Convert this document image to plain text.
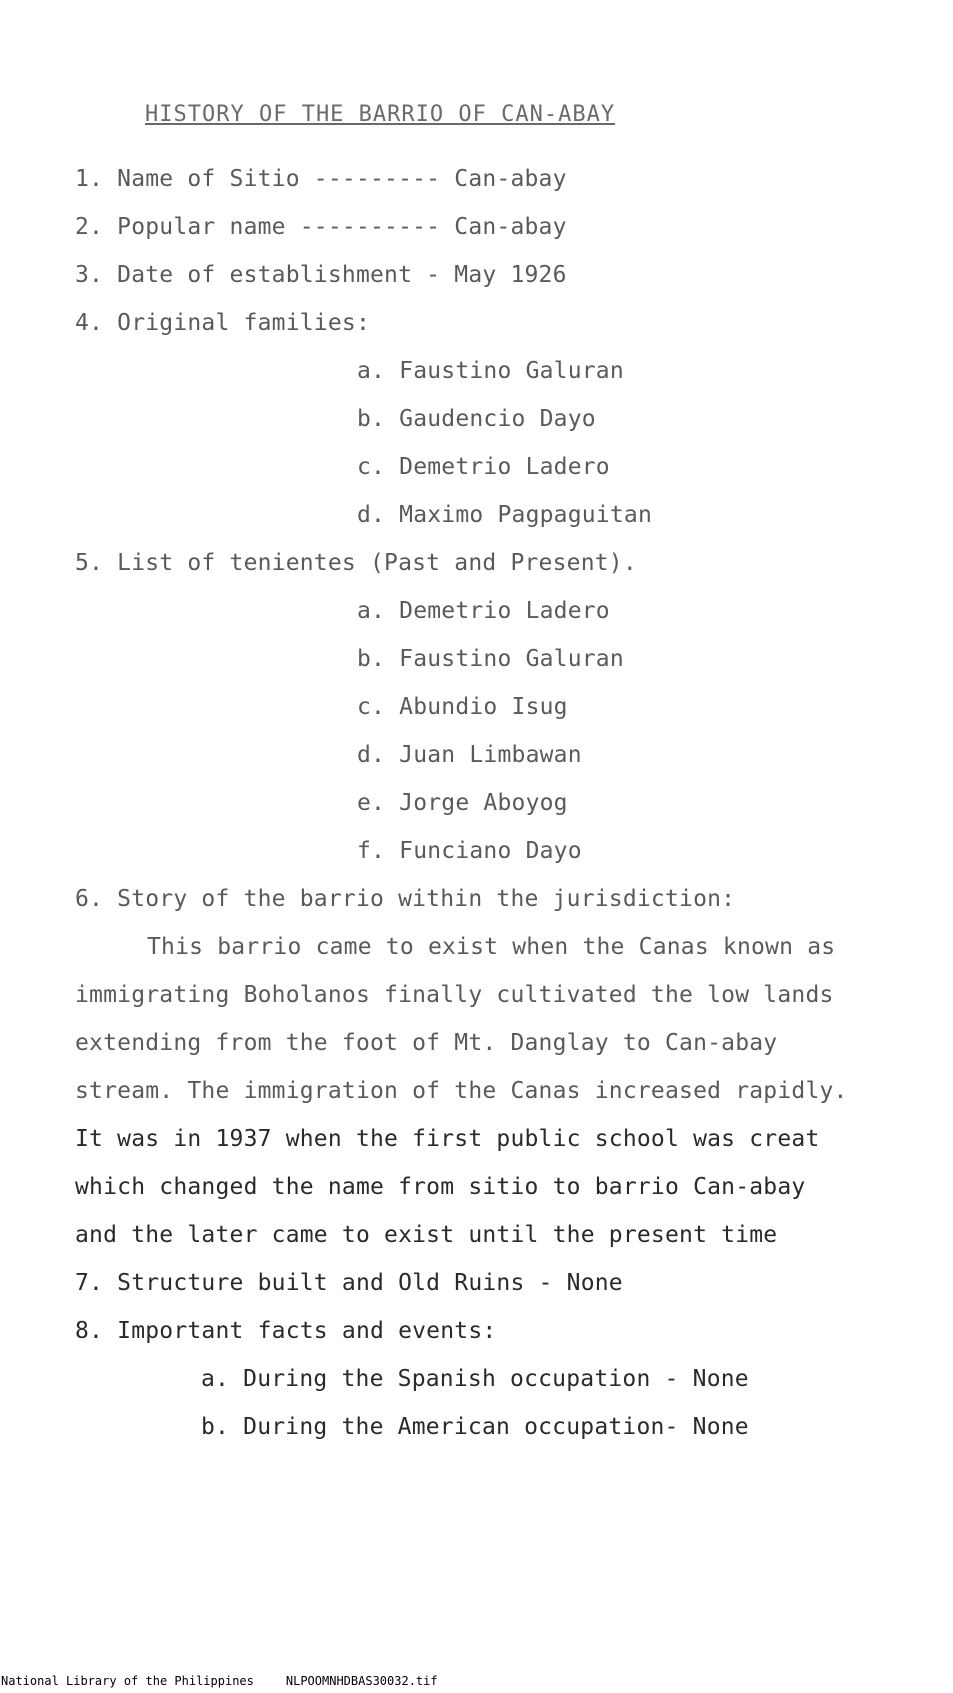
HISTORY OF THE BARRIO OF CAN-ABAY
1. Name of Sitio --------- Can-abay
2. Popular name ---------- Can-abay
3. Date of establishment - May 1926
4. Original families:
a. Faustino Galuran
b. Gaudencio Dayo
c. Demetrio Ladero
d. Maximo Pagpaguitan
5. List of tenientes (Past and Present).
a. Demetrio Ladero
b. Faustino Galuran
c. Abundio Isug
d. Juan Limbawan
e. Jorge Aboyog
f. Funciano Dayo
6. Story of the barrio within the jurisdiction:
This barrio came to exist when the Canas known as
immigrating Boholanos finally cultivated the low lands
extending from the foot of Mt. Danglay to Can-abay
stream. The immigration of the Canas increased rapidly.
It was in 1937 when the first public school was creat
which changed the name from sitio to barrio Can-abay
and the later came to exist until the present time
7. Structure built and Old Ruins - None
8. Important facts and events:
a. During the Spanish occupation - None
b. During the American occupation- None
National Library of the Philippines	NLPOOMNHDBAS30032.tif
